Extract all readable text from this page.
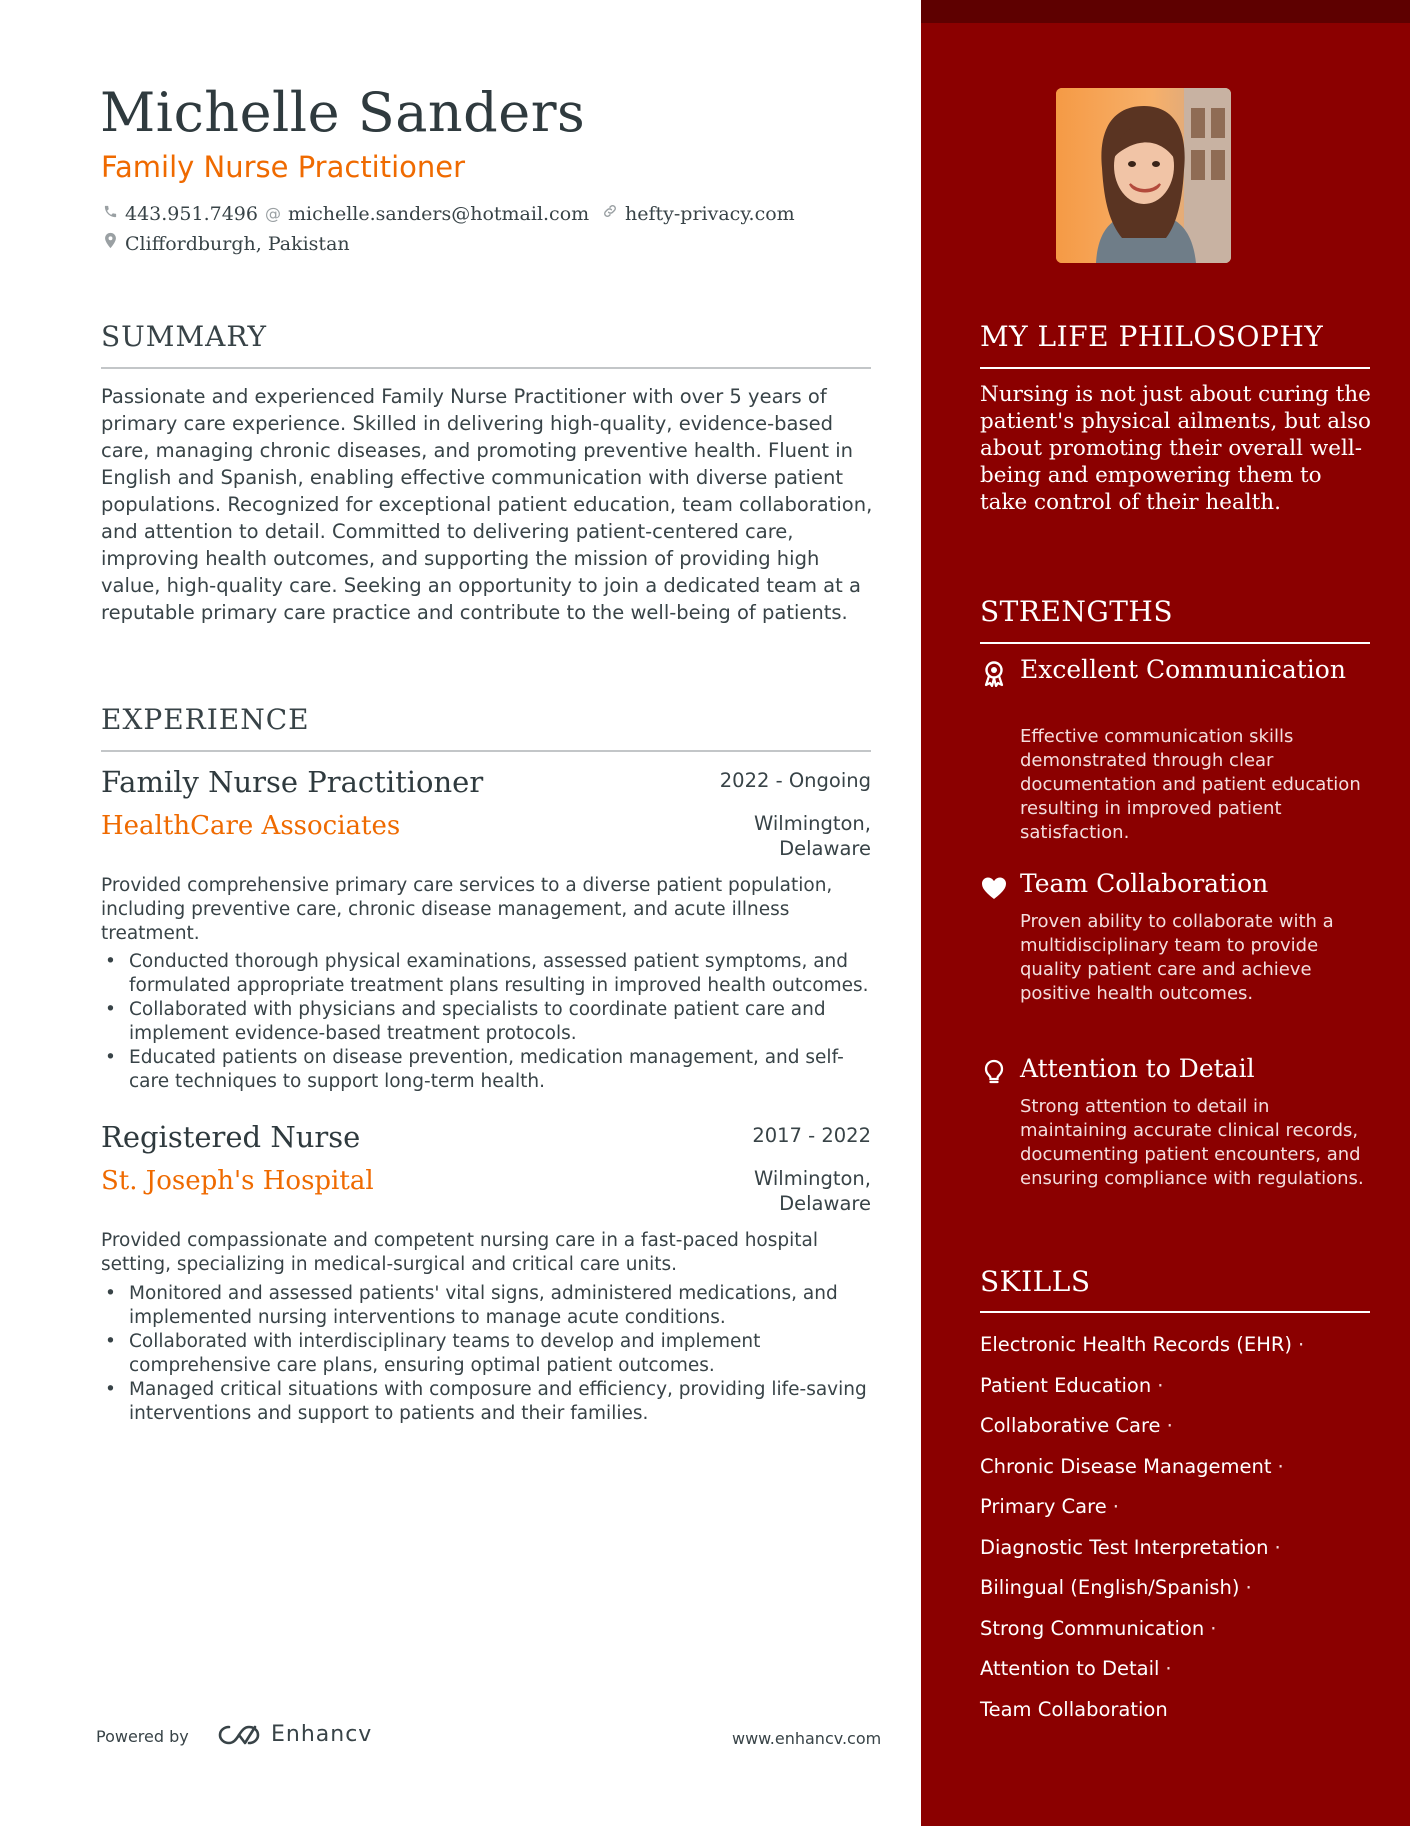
Michelle Sanders
Family Nurse Practitioner
443.951.7496 @ michelle.sanders@hotmail.com hefty-privacy.com
Cliffordburgh, Pakistan
SUMMARY

Passionate and experienced Family Nurse Practitioner with over 5 years of primary care experience. Skilled in delivering high-quality, evidence-based care, managing chronic diseases, and promoting preventive health. Fluent in English and Spanish, enabling effective communication with diverse patient populations. Recognized for exceptional patient education, team collaboration, and attention to detail. Committed to delivering patient-centered care, improving health outcomes, and supporting the mission of providing high value, high-quality care. Seeking an opportunity to join a dedicated team at a reputable primary care practice and contribute to the well-being of patients.

EXPERIENCE
Family Nurse Practitioner	2022 - Ongoing
HealthCare Associates	Wilmington, Delaware

Provided comprehensive primary care services to a diverse patient population, including preventive care, chronic disease management, and acute illness treatment.

• Conducted thorough physical examinations, assessed patient symptoms, and formulated appropriate treatment plans resulting in improved health outcomes.
• Collaborated with physicians and specialists to coordinate patient care and implement evidence-based treatment protocols.
• Educated patients on disease prevention, medication management, and self-care techniques to support long-term health.
Registered Nurse	2017 - 2022
St. Joseph's Hospital	Wilmington, Delaware

Provided compassionate and competent nursing care in a fast-paced hospital setting, specializing in medical-surgical and critical care units.

• Monitored and assessed patients' vital signs, administered medications, and implemented nursing interventions to manage acute conditions.
• Collaborated with interdisciplinary teams to develop and implement comprehensive care plans, ensuring optimal patient outcomes.
• Managed critical situations with composure and efficiency, providing life-saving interventions and support to patients and their families.
Powered by	Enhancv	www.enhancv.com
MY LIFE PHILOSOPHY

Nursing is not just about curing the patient's physical ailments, but also about promoting their overall well-being and empowering them to take control of their health.

STRENGTHS
Excellent Communication

Effective communication skills demonstrated through clear documentation and patient education resulting in improved patient satisfaction.

Team Collaboration

Proven ability to collaborate with a multidisciplinary team to provide quality patient care and achieve positive health outcomes.

Attention to Detail

Strong attention to detail in maintaining accurate clinical records, documenting patient encounters, and ensuring compliance with regulations.

SKILLS
Electronic Health Records (EHR) ·
Patient Education ·
Collaborative Care ·
Chronic Disease Management ·
Primary Care ·
Diagnostic Test Interpretation ·
Bilingual (English/Spanish) ·
Strong Communication ·
Attention to Detail ·
Team Collaboration
